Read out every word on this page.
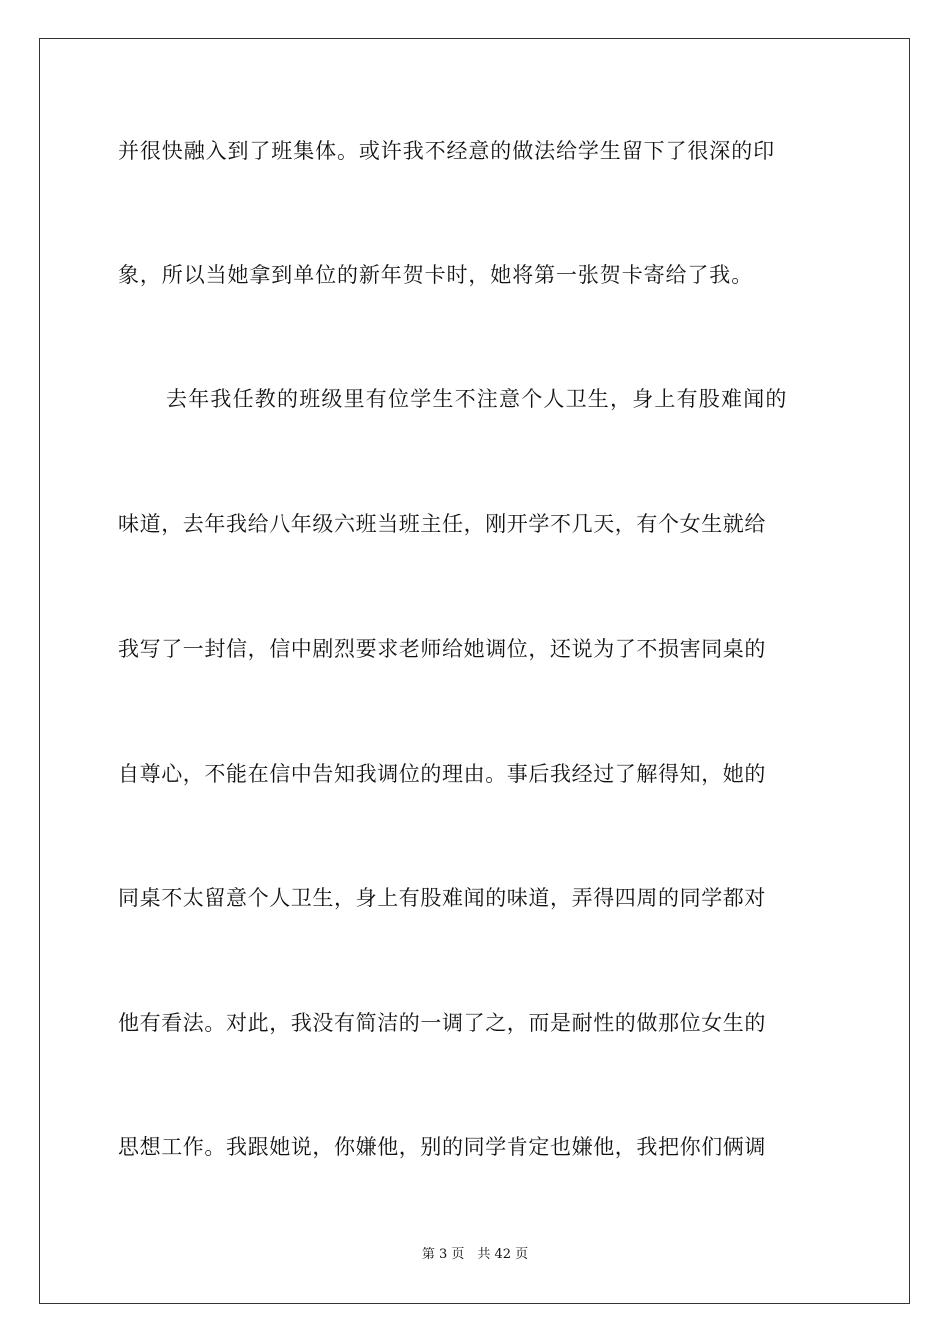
并很快融入到了班集体。或许我不经意的做法给学生留下了很深的印
象，所以当她拿到单位的新年贺卡时，她将第一张贺卡寄给了我。
去年我任教的班级里有位学生不注意个人卫生，身上有股难闻的
味道，去年我给八年级六班当班主任，刚开学不几天，有个女生就给
我写了一封信，信中剧烈要求老师给她调位，还说为了不损害同桌的
自尊心，不能在信中告知我调位的理由。事后我经过了解得知，她的
同桌不太留意个人卫生，身上有股难闻的味道，弄得四周的同学都对
他有看法。对此，我没有简洁的一调了之，而是耐性的做那位女生的
思想工作。我跟她说，你嫌他，别的同学肯定也嫌他，我把你们俩调
第 3 页　共 42 页
